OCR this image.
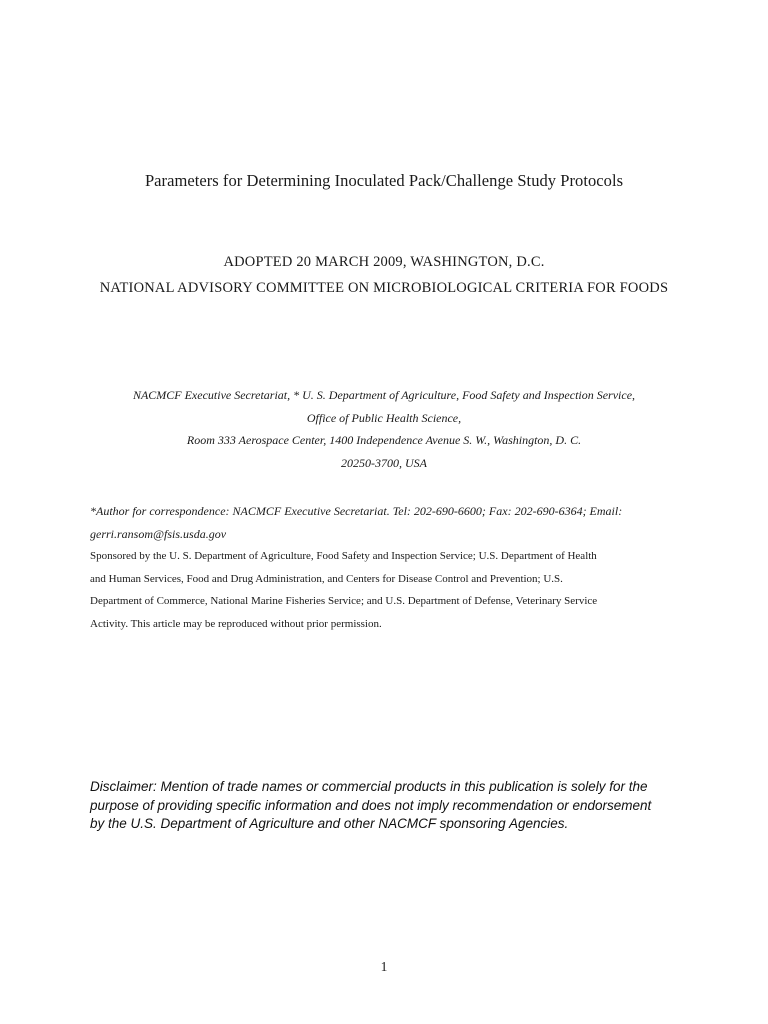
Parameters for Determining Inoculated Pack/Challenge Study Protocols
ADOPTED 20 MARCH 2009, WASHINGTON, D.C.
NATIONAL ADVISORY COMMITTEE ON MICROBIOLOGICAL CRITERIA FOR FOODS
NACMCF Executive Secretariat, * U. S. Department of Agriculture, Food Safety and Inspection Service,
Office of Public Health Science,
Room 333 Aerospace Center, 1400 Independence Avenue S. W., Washington, D. C.
20250-3700, USA
*Author for correspondence: NACMCF Executive Secretariat. Tel: 202-690-6600; Fax: 202-690-6364; Email:
gerri.ransom@fsis.usda.gov
Sponsored by the U. S. Department of Agriculture, Food Safety and Inspection Service; U.S. Department of Health
and Human Services, Food and Drug Administration, and Centers for Disease Control and Prevention; U.S.
Department of Commerce, National Marine Fisheries Service; and U.S. Department of Defense, Veterinary Service
Activity. This article may be reproduced without prior permission.
Disclaimer: Mention of trade names or commercial products in this publication is solely for the
purpose of providing specific information and does not imply recommendation or endorsement
by the U.S. Department of Agriculture and other NACMCF sponsoring Agencies.
1
